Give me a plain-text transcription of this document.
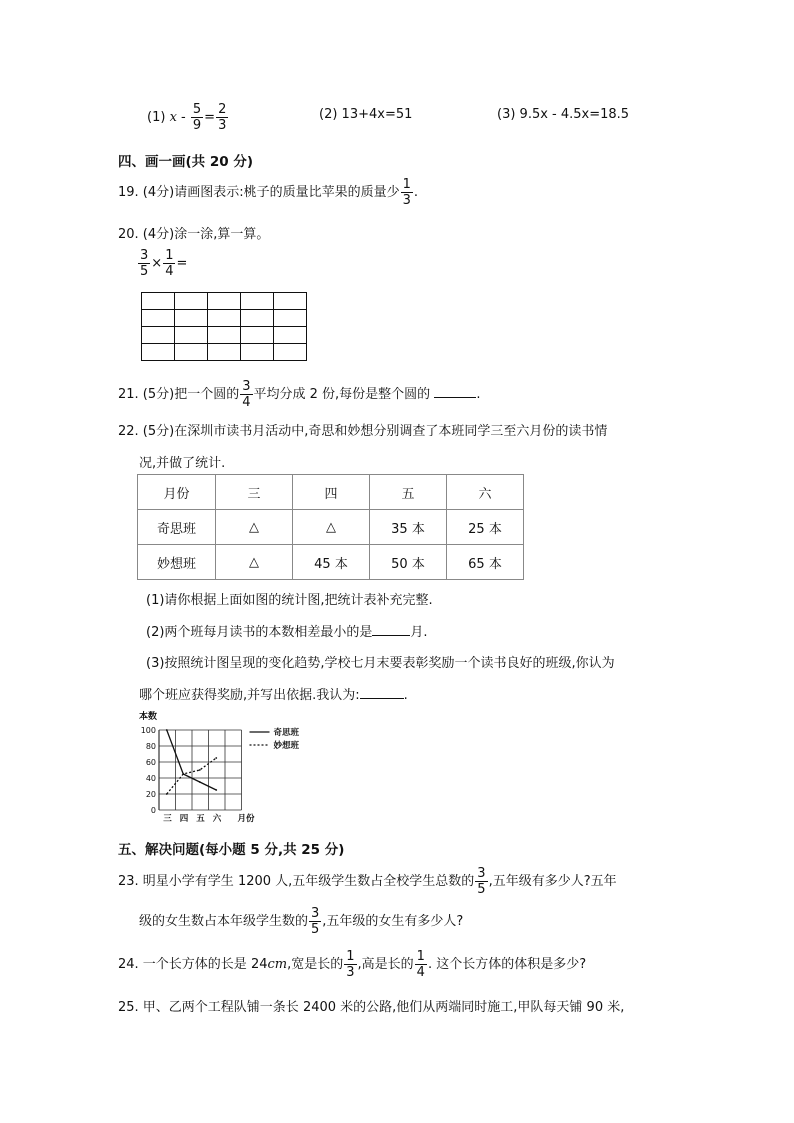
(1) $x - \frac{5}{9} = \frac{2}{3}$	(2) 13+4x=51	(3) 9.5x - 4.5x=18.5
四、画一画(共 20 分)
19. (4分)请画图表示:桃子的质量比苹果的质量少 $\frac{1}{3}$ .
20. (4分)涂一涂,算一算。
$\frac{3}{5} \times \frac{1}{4}$ =

21. (5分)把一个圆的 $\frac{3}{4}$ 平均分成 2 份,每份是整个圆的	.
22. (5分)在深圳市读书月活动中,奇思和妙想分别调查了本班同学三至六月份的读书情
况,并做了统计.
月份	三	四	五	六
奇思班	△	△	35 本	25 本
妙想班	△	45 本	50 本	65 本
(1)请你根据上面如图的统计图,把统计表补充完整.
(2)两个班每月读书的本数相差最小的是	月.
(3)按照统计图呈现的变化趋势,学校七月末要表彰奖励一个读书良好的班级,你认为
哪个班应获得奖励,并写出依据.我认为:	.
0
20
40
60
80
100
本数
三 四 五 六 月份
奇思班
妙想班
五、解决问题(每小题 5 分,共 25 分)
23. 明星小学有学生 1200 人,五年级学生数占全校学生总数的 $\frac{3}{5}$ ,五年级有多少人?五年
级的女生数占本年级学生数的 $\frac{3}{5}$ ,五年级的女生有多少人?
24. 一个长方体的长是 24cm,宽是长的 $\frac{1}{3}$ ,高是长的 $\frac{1}{4}$ . 这个长方体的体积是多少?
25. 甲、乙两个工程队铺一条长 2400 米的公路,他们从两端同时施工,甲队每天铺 90 米,
